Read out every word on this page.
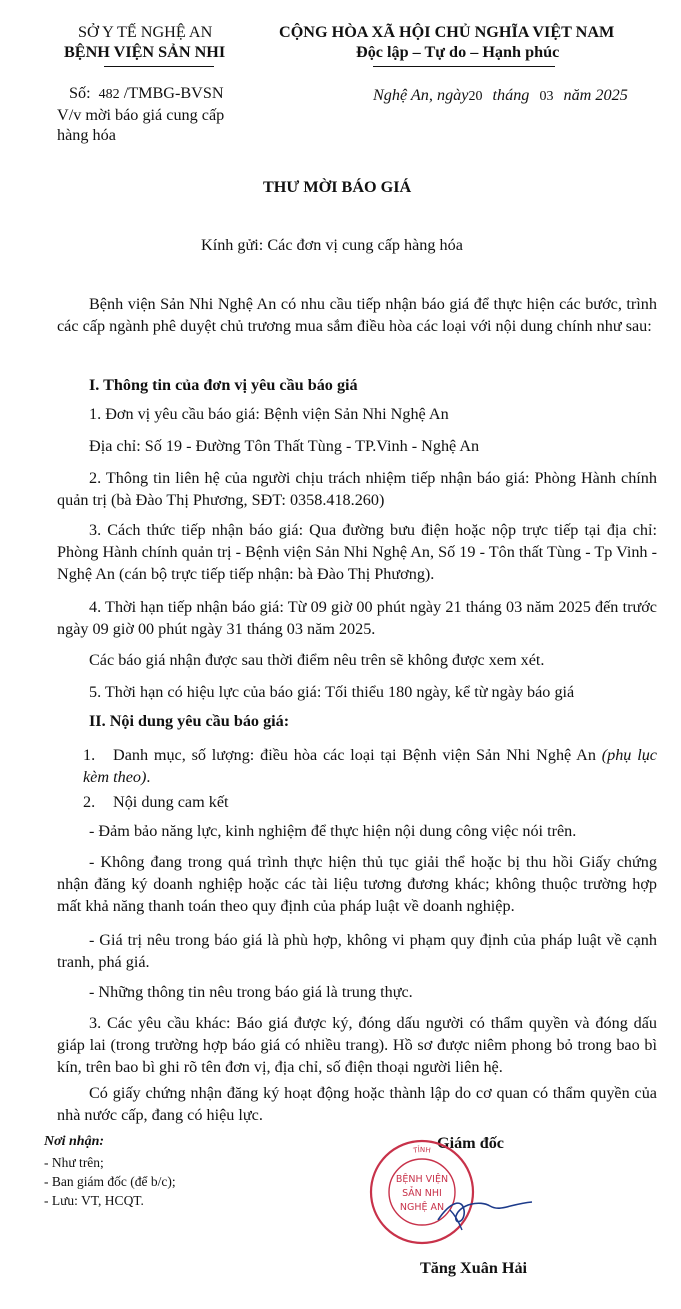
SỞ Y TẾ NGHỆ AN
BỆNH VIỆN SẢN NHI
Số: 482 /TMBG-BVSN
V/v mời báo giá cung cấp
hàng hóa
CỘNG HÒA XÃ HỘI CHỦ NGHĨA VIỆT NAM
Độc lập – Tự do – Hạnh phúc
Nghệ An, ngày20 tháng 03 năm 2025
THƯ MỜI BÁO GIÁ
Kính gửi: Các đơn vị cung cấp hàng hóa
Bệnh viện Sản Nhi Nghệ An có nhu cầu tiếp nhận báo giá để thực hiện các bước, trình các cấp ngành phê duyệt chủ trương mua sắm điều hòa các loại với nội dung chính như sau:
I. Thông tin của đơn vị yêu cầu báo giá
1. Đơn vị yêu cầu báo giá: Bệnh viện Sản Nhi Nghệ An
Địa chỉ: Số 19 - Đường Tôn Thất Tùng - TP.Vinh - Nghệ An
2. Thông tin liên hệ của người chịu trách nhiệm tiếp nhận báo giá: Phòng Hành chính quản trị (bà Đào Thị Phương, SĐT: 0358.418.260)
3. Cách thức tiếp nhận báo giá: Qua đường bưu điện hoặc nộp trực tiếp tại địa chỉ: Phòng Hành chính quản trị - Bệnh viện Sản Nhi Nghệ An, Số 19 - Tôn thất Tùng - Tp Vinh - Nghệ An (cán bộ trực tiếp tiếp nhận: bà Đào Thị Phương).
4. Thời hạn tiếp nhận báo giá: Từ 09 giờ 00 phút ngày 21 tháng 03 năm 2025 đến trước ngày 09 giờ 00 phút ngày 31 tháng 03 năm 2025.
Các báo giá nhận được sau thời điểm nêu trên sẽ không được xem xét.
5. Thời hạn có hiệu lực của báo giá: Tối thiểu 180 ngày, kể từ ngày báo giá
II. Nội dung yêu cầu báo giá:
1. Danh mục, số lượng: điều hòa các loại tại Bệnh viện Sản Nhi Nghệ An (phụ lục kèm theo).
2. Nội dung cam kết
- Đảm bảo năng lực, kinh nghiệm để thực hiện nội dung công việc nói trên.
- Không đang trong quá trình thực hiện thủ tục giải thể hoặc bị thu hồi Giấy chứng nhận đăng ký doanh nghiệp hoặc các tài liệu tương đương khác; không thuộc trường hợp mất khả năng thanh toán theo quy định của pháp luật về doanh nghiệp.
- Giá trị nêu trong báo giá là phù hợp, không vi phạm quy định của pháp luật về cạnh tranh, phá giá.
- Những thông tin nêu trong báo giá là trung thực.
3. Các yêu cầu khác: Báo giá được ký, đóng dấu người có thẩm quyền và đóng dấu giáp lai (trong trường hợp báo giá có nhiều trang). Hồ sơ được niêm phong bỏ trong bao bì kín, trên bao bì ghi rõ tên đơn vị, địa chỉ, số điện thoại người liên hệ.
Có giấy chứng nhận đăng ký hoạt động hoặc thành lập do cơ quan có thẩm quyền của nhà nước cấp, đang có hiệu lực.
Nơi nhận:
- Như trên;
- Ban giám đốc (để b/c);
- Lưu: VT, HCQT.
Giám đốc
TỈNH
BỆNH VIỆN
SẢN NHI
NGHỆ AN
Tăng Xuân Hải
